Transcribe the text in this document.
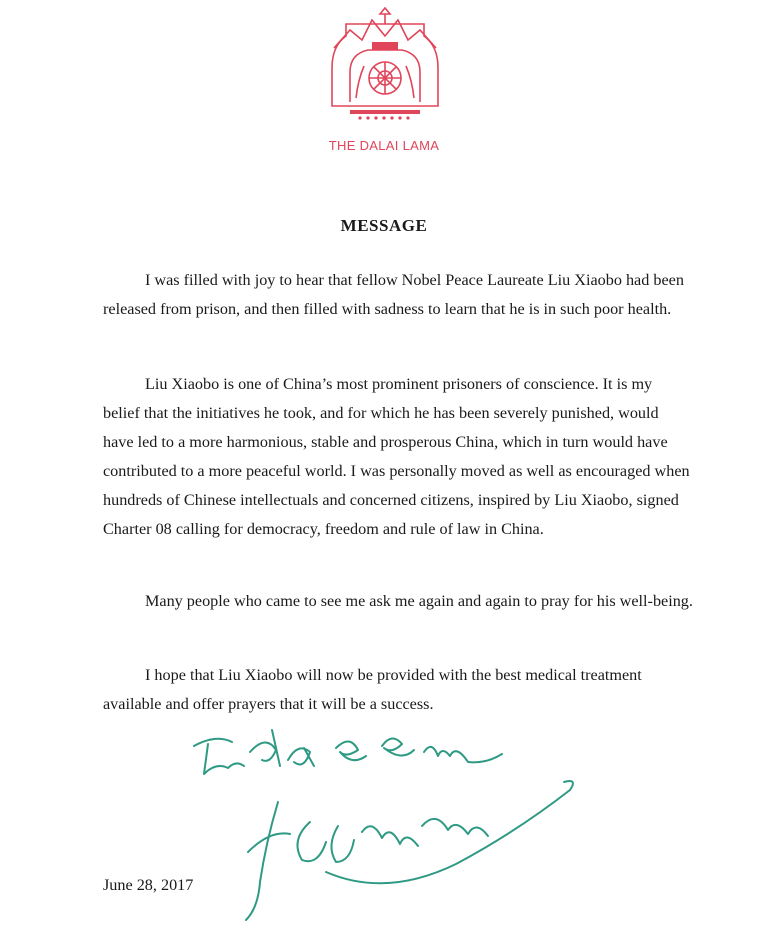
THE DALAI LAMA
MESSAGE

I was filled with joy to hear that fellow Nobel Peace Laureate Liu Xiaobo had been released from prison, and then filled with sadness to learn that he is in such poor health.

Liu Xiaobo is one of China’s most prominent prisoners of conscience. It is my belief that the initiatives he took, and for which he has been severely punished, would have led to a more harmonious, stable and prosperous China, which in turn would have contributed to a more peaceful world. I was personally moved as well as encouraged when hundreds of Chinese intellectuals and concerned citizens, inspired by Liu Xiaobo, signed Charter 08 calling for democracy, freedom and rule of law in China.

Many people who came to see me ask me again and again to pray for his well-being.

I hope that Liu Xiaobo will now be provided with the best medical treatment available and offer prayers that it will be a success.

June 28, 2017
